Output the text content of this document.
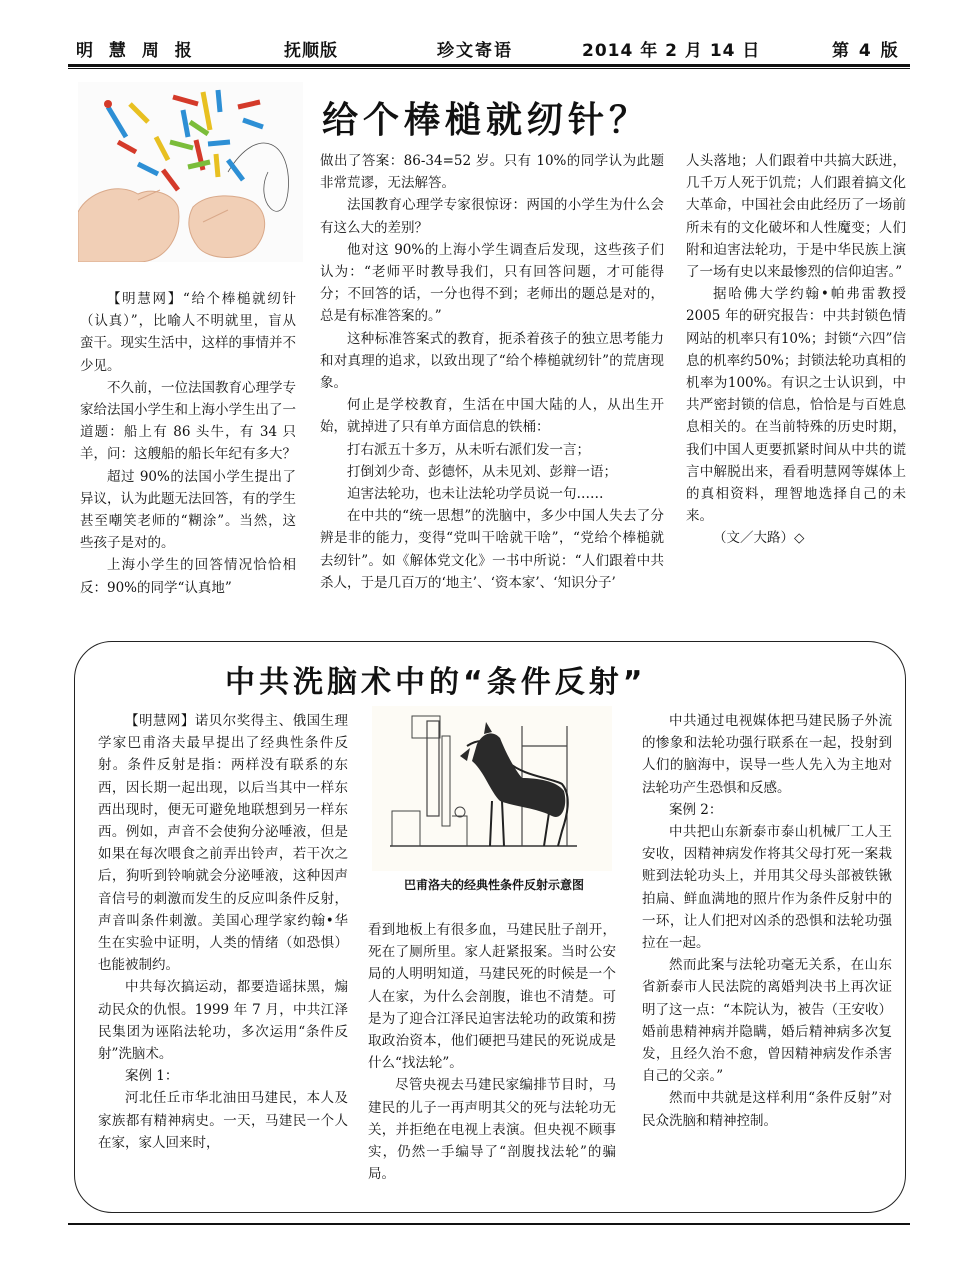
明 慧 周 报	抚顺版	珍文寄语	2014 年 2 月 14 日	第 4 版
给个棒槌就纫针？

【明慧网】“给个棒槌就纫针（认真）”，比喻人不明就里，盲从蛮干。现实生活中，这样的事情并不少见。

不久前，一位法国教育心理学专家给法国小学生和上海小学生出了一道题：船上有 86 头牛，有 34 只羊，问：这艘船的船长年纪有多大？

超过 90%的法国小学生提出了异议，认为此题无法回答，有的学生甚至嘲笑老师的“糊涂”。当然，这些孩子是对的。

上海小学生的回答情况恰恰相反：90%的同学“认真地”

做出了答案：86-34=52 岁。只有 10%的同学认为此题非常荒谬，无法解答。

法国教育心理学专家很惊讶：两国的小学生为什么会有这么大的差别？

他对这 90%的上海小学生调查后发现，这些孩子们认为：“老师平时教导我们，只有回答问题，才可能得分；不回答的话，一分也得不到；老师出的题总是对的，总是有标准答案的。”

这种标准答案式的教育，扼杀着孩子的独立思考能力和对真理的追求，以致出现了“给个棒槌就纫针”的荒唐现象。

何止是学校教育，生活在中国大陆的人，从出生开始，就掉进了只有单方面信息的铁桶：

打右派五十多万，从未听右派们发一言；

打倒刘少奇、彭德怀，从未见刘、彭辩一语；

迫害法轮功，也未让法轮功学员说一句……

在中共的“统一思想”的洗脑中，多少中国人失去了分辨是非的能力，变得“党叫干啥就干啥”，“党给个棒槌就去纫针”。如《解体党文化》一书中所说：“人们跟着中共杀人，于是几百万的‘地主’、‘资本家’、‘知识分子’

人头落地；人们跟着中共搞大跃进，几千万人死于饥荒；人们跟着搞文化大革命，中国社会由此经历了一场前所未有的文化破坏和人性魔变；人们附和迫害法轮功，于是中华民族上演了一场有史以来最惨烈的信仰迫害。”

据哈佛大学约翰•帕弗雷教授 2005 年的研究报告：中共封锁色情网站的机率只有10%；封锁“六四”信息的机率约50%；封锁法轮功真相的机率为100%。有识之士认识到，中共严密封锁的信息，恰恰是与百姓息息相关的。在当前特殊的历史时期，我们中国人更要抓紧时间从中共的谎言中解脱出来，看看明慧网等媒体上的真相资料，理智地选择自己的未来。

（文／大路）◇

中共洗脑术中的“条件反射”

【明慧网】诺贝尔奖得主、俄国生理学家巴甫洛夫最早提出了经典性条件反射。条件反射是指：两样没有联系的东西，因长期一起出现，以后当其中一样东西出现时，便无可避免地联想到另一样东西。例如，声音不会使狗分泌唾液，但是如果在每次喂食之前弄出铃声，若干次之后，狗听到铃响就会分泌唾液，这种因声音信号的刺激而发生的反应叫条件反射，声音叫条件刺激。美国心理学家约翰•华生在实验中证明，人类的情绪（如恐惧）也能被制约。

中共每次搞运动，都要造谣抹黑，煽动民众的仇恨。1999 年 7 月，中共江泽民集团为诬陷法轮功，多次运用“条件反射”洗脑术。

案例 1：

河北任丘市华北油田马建民，本人及家族都有精神病史。一天，马建民一个人在家，家人回来时，

巴甫洛夫的经典性条件反射示意图

看到地板上有很多血，马建民肚子剖开，死在了厕所里。家人赶紧报案。当时公安局的人明明知道，马建民死的时候是一个人在家，为什么会剖腹，谁也不清楚。可是为了迎合江泽民迫害法轮功的政策和捞取政治资本，他们硬把马建民的死说成是什么“找法轮”。

尽管央视去马建民家编排节目时，马建民的儿子一再声明其父的死与法轮功无关，并拒绝在电视上表演。但央视不顾事实，仍然一手编导了“剖腹找法轮”的骗局。

中共通过电视媒体把马建民肠子外流的惨象和法轮功强行联系在一起，投射到人们的脑海中，误导一些人先入为主地对法轮功产生恐惧和反感。

案例 2：

中共把山东新泰市泰山机械厂工人王安收，因精神病发作将其父母打死一案栽赃到法轮功头上，并用其父母头部被铁锹拍扁、鲜血满地的照片作为条件反射中的一环，让人们把对凶杀的恐惧和法轮功强拉在一起。

然而此案与法轮功毫无关系，在山东省新泰市人民法院的离婚判决书上再次证明了这一点：“本院认为，被告（王安收）婚前患精神病并隐瞒，婚后精神病多次复发，且经久治不愈，曾因精神病发作杀害自己的父亲。”

然而中共就是这样利用“条件反射”对民众洗脑和精神控制。
